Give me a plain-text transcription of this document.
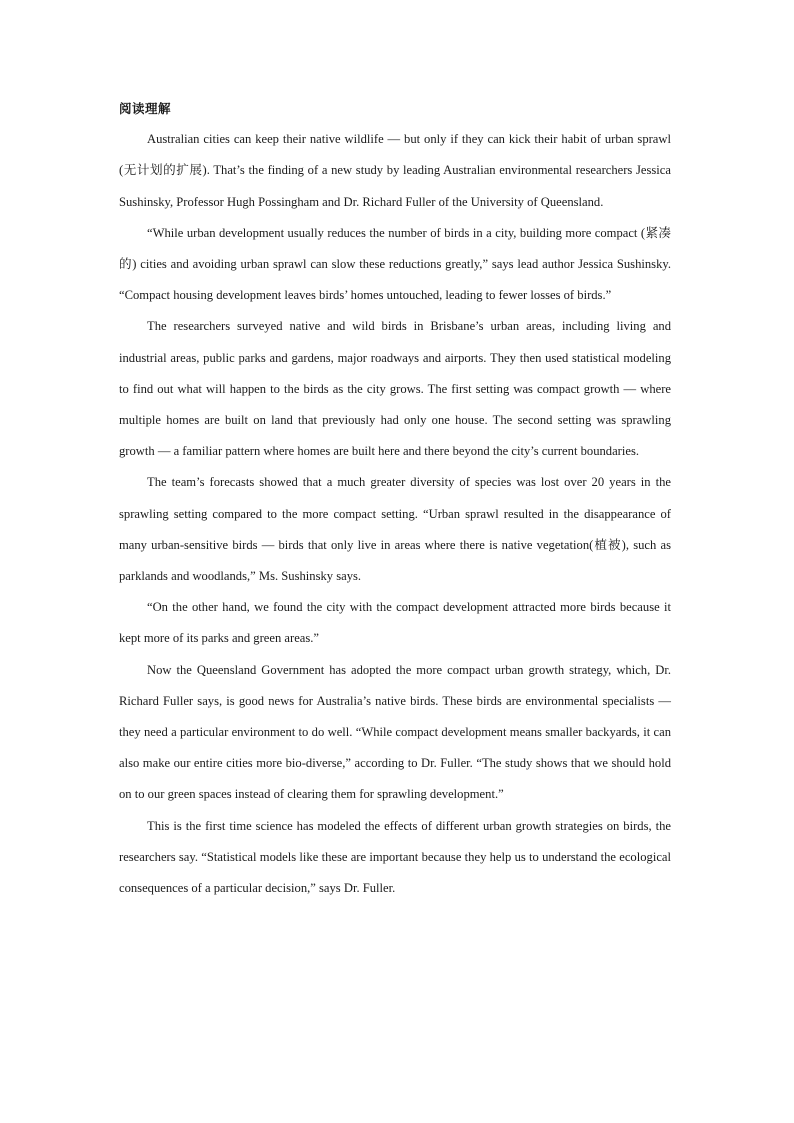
阅读理解

Australian cities can keep their native wildlife — but only if they can kick their habit of urban sprawl (无计划的扩展). That’s the finding of a new study by leading Australian environmental researchers Jessica Sushinsky, Professor Hugh Possingham and Dr. Richard Fuller of the University of Queensland.

“While urban development usually reduces the number of birds in a city, building more compact (紧凑的) cities and avoiding urban sprawl can slow these reductions greatly,” says lead author Jessica Sushinsky. “Compact housing development leaves birds’ homes untouched, leading to fewer losses of birds.”

The researchers surveyed native and wild birds in Brisbane’s urban areas, including living and industrial areas, public parks and gardens, major roadways and airports. They then used statistical modeling to find out what will happen to the birds as the city grows. The first setting was compact growth — where multiple homes are built on land that previously had only one house. The second setting was sprawling growth — a familiar pattern where homes are built here and there beyond the city’s current boundaries.

The team’s forecasts showed that a much greater diversity of species was lost over 20 years in the sprawling setting compared to the more compact setting. “Urban sprawl resulted in the disappearance of many urban-sensitive birds — birds that only live in areas where there is native vegetation(植被), such as parklands and woodlands,” Ms. Sushinsky says.

“On the other hand, we found the city with the compact development attracted more birds because it kept more of its parks and green areas.”

Now the Queensland Government has adopted the more compact urban growth strategy, which, Dr. Richard Fuller says, is good news for Australia’s native birds. These birds are environmental specialists — they need a particular environment to do well. “While compact development means smaller backyards, it can also make our entire cities more bio-diverse,” according to Dr. Fuller. “The study shows that we should hold on to our green spaces instead of clearing them for sprawling development.”

This is the first time science has modeled the effects of different urban growth strategies on birds, the researchers say. “Statistical models like these are important because they help us to understand the ecological consequences of a particular decision,” says Dr. Fuller.
